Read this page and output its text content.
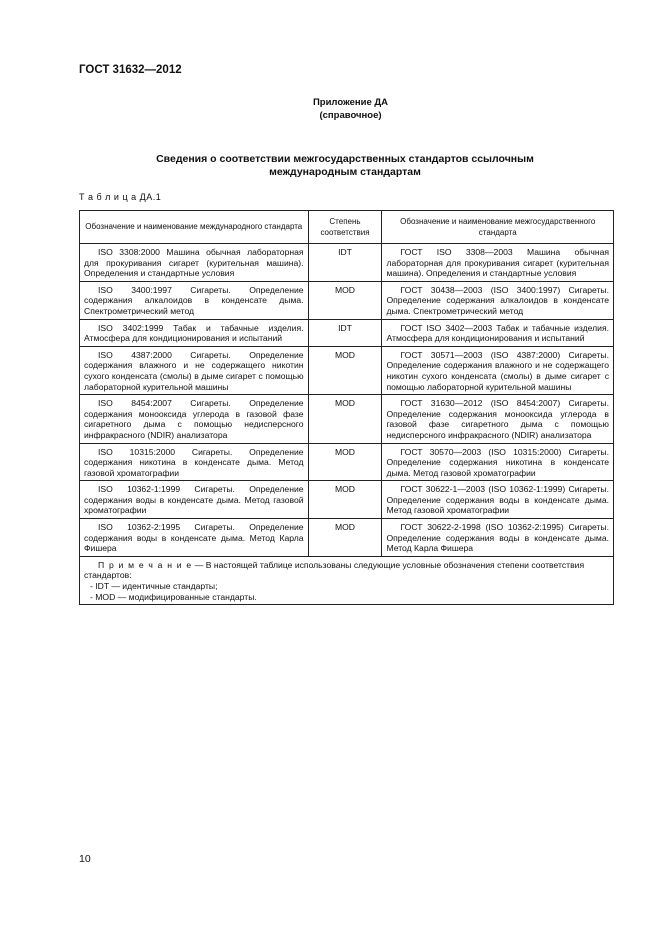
ГОСТ 31632—2012
Приложение ДА
(справочное)
Сведения о соответствии межгосударственных стандартов ссылочным международным стандартам
Т а б л и ц а ДА.1
Обозначение и наименование международного стандарта	Степень соответствия	Обозначение и наименование межгосударственного стандарта
ISO 3308:2000 Машина обычная лабораторная для прокуривания сигарет (курительная машина). Определения и стандартные условия	IDT	ГОСТ ISO 3308—2003 Машина обычная лабораторная для прокуривания сигарет (курительная машина). Определения и стандартные условия
ISO 3400:1997 Сигареты. Определение содержания алкалоидов в конденсате дыма. Спектрометрический метод	MOD	ГОСТ 30438—2003 (ISO 3400:1997) Сигареты. Определение содержания алкалоидов в конденсате дыма. Спектрометрический метод
ISO 3402:1999 Табак и табачные изделия. Атмосфера для кондиционирования и испытаний	IDT	ГОСТ ISO 3402—2003 Табак и табачные изделия. Атмосфера для кондиционирования и испытаний
ISO 4387:2000 Сигареты. Определение содержания влажного и не содержащего никотин сухого конденсата (смолы) в дыме сигарет с помощью лабораторной курительной машины	MOD	ГОСТ 30571—2003 (ISO 4387:2000) Сигареты. Определение содержания влажного и не содержащего никотин сухого конденсата (смолы) в дыме сигарет с помощью лабораторной курительной машины
ISO 8454:2007 Сигареты. Определение содержания монооксида углерода в газовой фазе сигаретного дыма с помощью недисперсного инфракрасного (NDIR) анализатора	MOD	ГОСТ 31630—2012 (ISO 8454:2007) Сигареты. Определение содержания монооксида углерода в газовой фазе сигаретного дыма с помощью недисперсного инфракрасного (NDIR) анализатора
ISO 10315:2000 Сигареты. Определение содержания никотина в конденсате дыма. Метод газовой хроматографии	MOD	ГОСТ 30570—2003 (ISO 10315:2000) Сигареты. Определение содержания никотина в конденсате дыма. Метод газовой хроматографии
ISO 10362-1:1999 Сигареты. Определение содержания воды в конденсате дыма. Метод газовой хроматографии	MOD	ГОСТ 30622-1—2003 (ISO 10362-1:1999) Сигареты. Определение содержания воды в конденсате дыма. Метод газовой хроматографии
ISO 10362-2:1995 Сигареты. Определение содержания воды в конденсате дыма. Метод Карла Фишера	MOD	ГОСТ 30622-2-1998 (ISO 10362-2:1995) Сигареты. Определение содержания воды в конденсате дыма. Метод Карла Фишера

П р и м е ч а н и е — В настоящей таблице использованы следующие условные обозначения степени соответствия стандартов:
- IDT — идентичные стандарты;
- MOD — модифицированные стандарты.		
10
